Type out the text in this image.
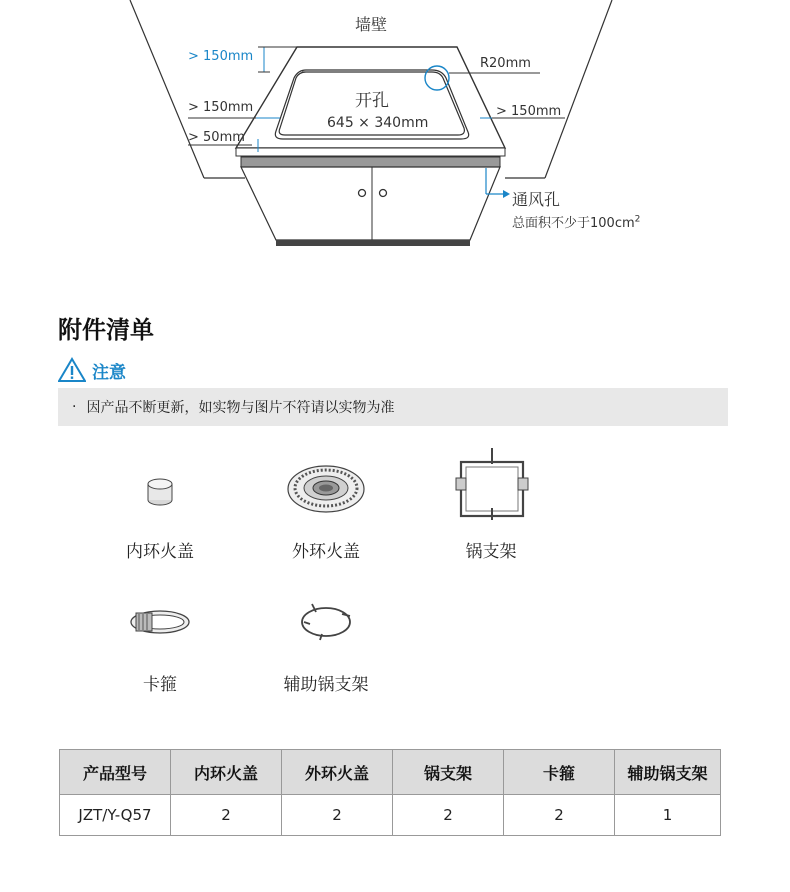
墙壁
开孔
645 × 340mm
> 150mm
> 150mm	> 150mm
> 50mm
R20mm
通风孔
总面积不少于$100cm^2$
附件清单
注意
· 因产品不断更新，如实物与图片不符请以实物为准
内环火盖	外环火盖	锅支架
卡箍	辅助锅支架
产品型号	内环火盖	外环火盖	锅支架	卡箍	辅助锅支架
JZT/Y-Q57	2	2	2	2	1
